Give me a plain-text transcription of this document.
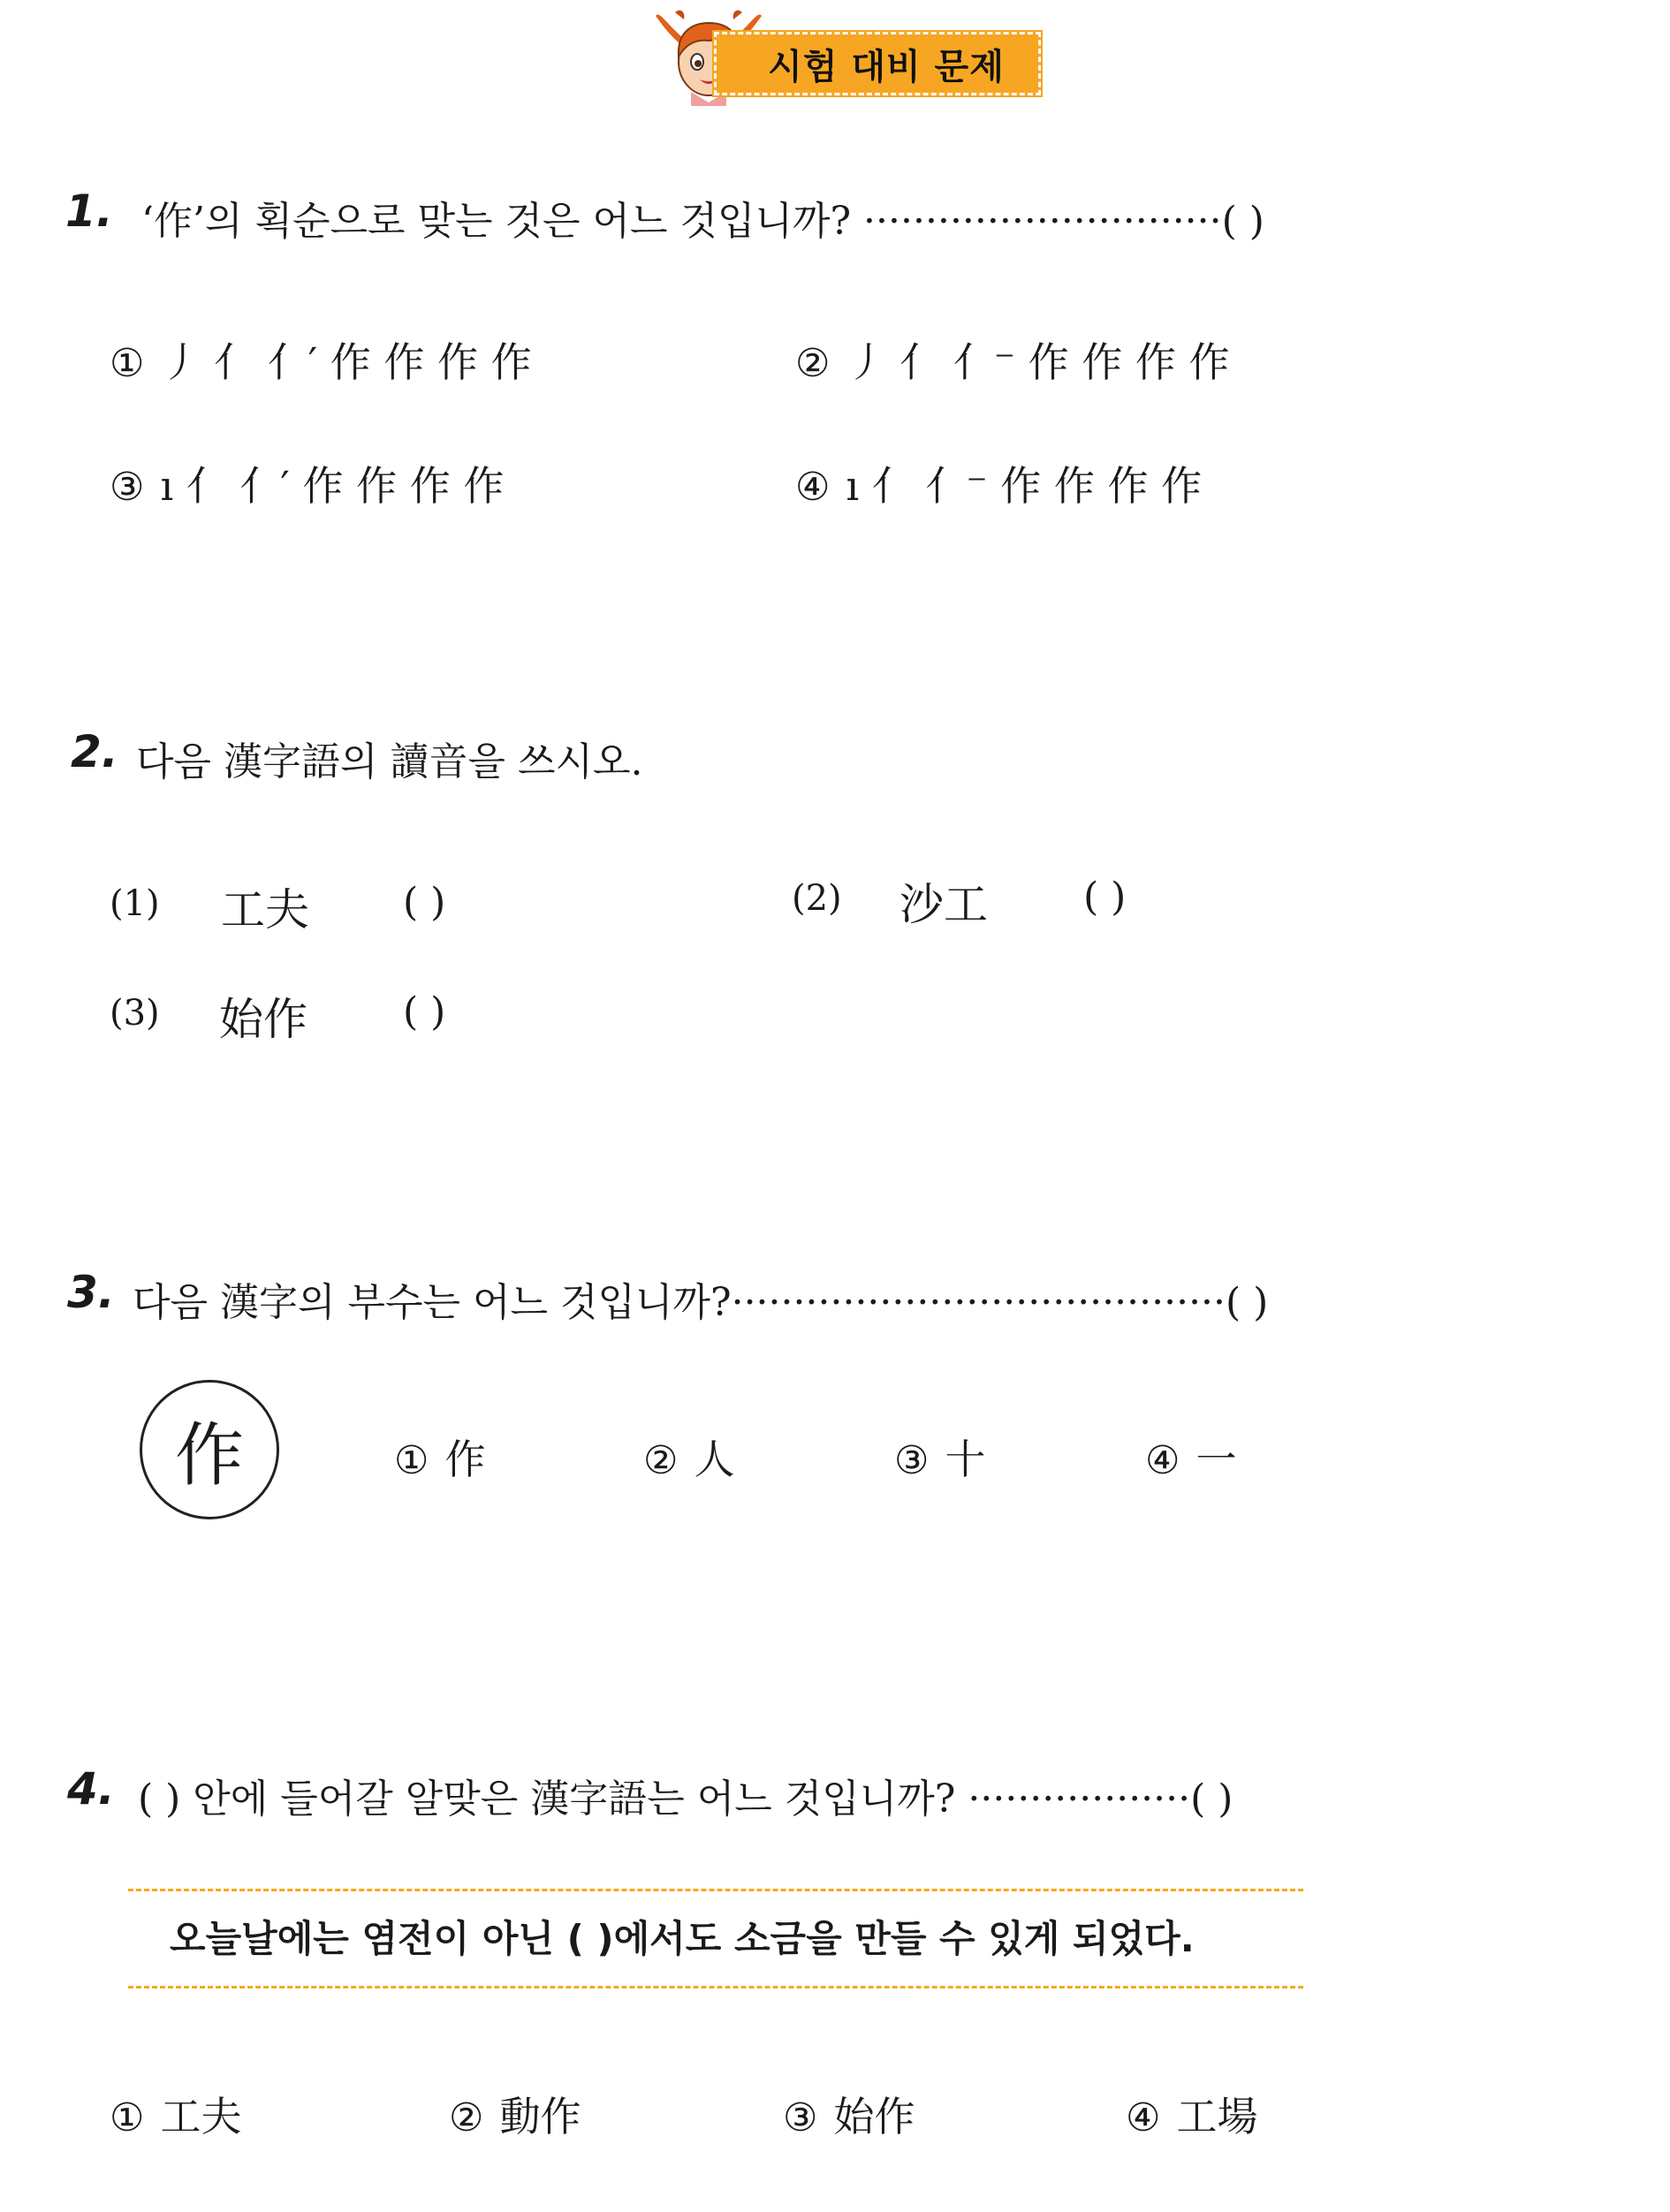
시험 대비 문제
1. ‘作’의 획순으로 맞는 것은 어느 것입니까? ·····························( )
① 丿 亻 亻′ 作 作 作 作	② 丿 亻 亻⁻ 作 作 作 作
③ ı 亻 亻′ 作 作 作 作	④ ı 亻 亻⁻ 作 作 作 作
2. 다음 漢字語의 讀音을 쓰시오.
(1) 工夫 ( )	(2) 沙工 ( )
(3) 始作 ( )
3. 다음 漢字의 부수는 어느 것입니까?········································( )
作	① 作	② 人	③ 十	④ 一
4. ( ) 안에 들어갈 알맞은 漢字語는 어느 것입니까? ··················( )
오늘날에는 염전이 아닌 ( )에서도 소금을 만들 수 있게 되었다.
① 工夫	② 動作	③ 始作	④ 工場
